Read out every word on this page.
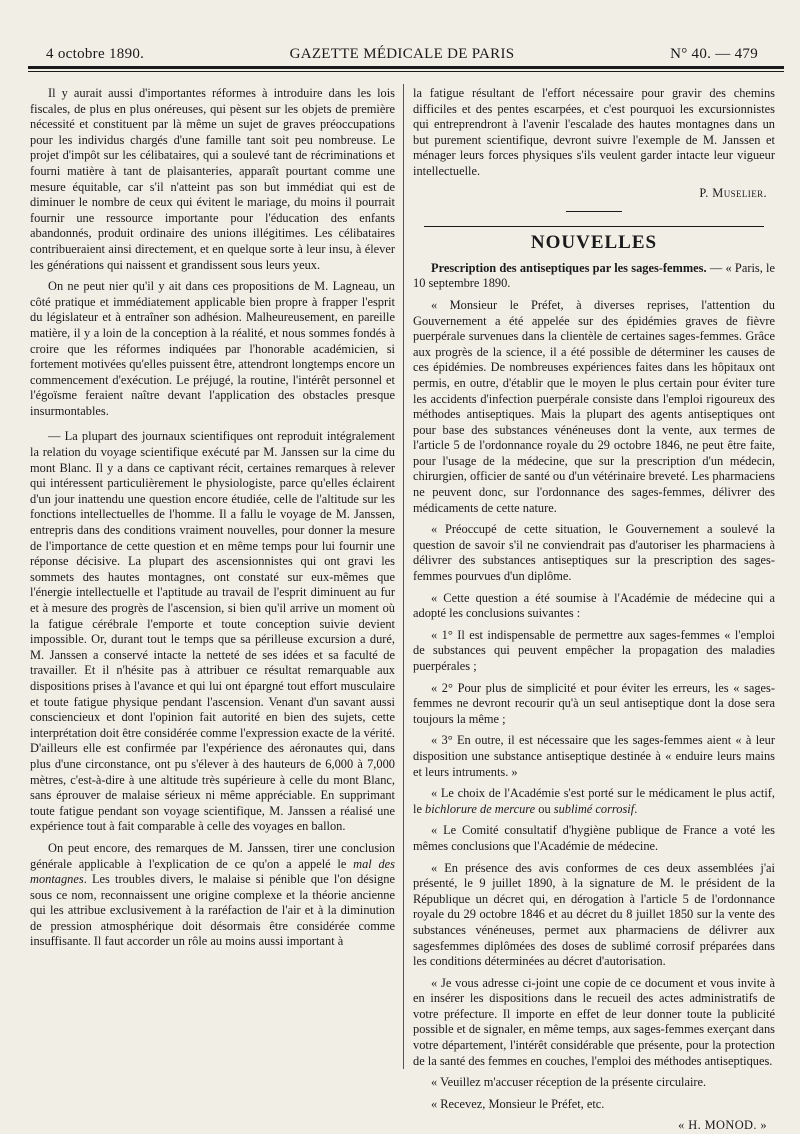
4 octobre 1890.	GAZETTE MÉDICALE DE PARIS	N° 40. — 479

Il y aurait aussi d'importantes réformes à introduire dans les lois fiscales, de plus en plus onéreuses, qui pèsent sur les objets de première nécessité et constituent par là même un sujet de graves préoccupations pour les individus chargés d'une famille tant soit peu nombreuse. Le projet d'impôt sur les célibataires, qui a soulevé tant de récriminations et fourni matière à tant de plaisanteries, apparaît pourtant comme une mesure équitable, car s'il n'atteint pas son but immédiat qui est de diminuer le nombre de ceux qui évitent le mariage, du moins il pourrait fournir une ressource importante pour l'éducation des enfants abandonnés, produit ordinaire des unions illégitimes. Les célibataires contribueraient ainsi directement, et en quelque sorte à leur insu, à élever les générations qui naissent et grandissent sous leurs yeux.

On ne peut nier qu'il y ait dans ces propositions de M. Lagneau, un côté pratique et immédiatement applicable bien propre à frapper l'esprit du législateur et à entraîner son adhésion. Malheureusement, en pareille matière, il y a loin de la conception à la réalité, et nous sommes fondés à croire que les réformes indiquées par l'honorable académicien, si fortement motivées qu'elles puissent être, attendront longtemps encore un commencement d'exécution. Le préjugé, la routine, l'intérêt personnel et l'égoïsme feraient naître devant l'application des obstacles presque insurmontables.

— La plupart des journaux scientifiques ont reproduit intégralement la relation du voyage scientifique exécuté par M. Janssen sur la cime du mont Blanc. Il y a dans ce captivant récit, certaines remarques à relever qui intéressent particulièrement le physiologiste, parce qu'elles éclairent d'un jour inattendu une question encore étudiée, celle de l'altitude sur les fonctions intellectuelles de l'homme. Il a fallu le voyage de M. Janssen, entrepris dans des conditions vraiment nouvelles, pour donner la mesure de l'importance de cette question et en même temps pour lui fournir une réponse décisive. La plupart des ascensionnistes qui ont gravi les sommets des hautes montagnes, ont constaté sur eux-mêmes que l'énergie intellectuelle et l'aptitude au travail de l'esprit diminuent au fur et à mesure des progrès de l'ascension, si bien qu'il arrive un moment où la fatigue cérébrale l'emporte et toute conception suivie devient impossible. Or, durant tout le temps que sa périlleuse excursion a duré, M. Janssen a conservé intacte la netteté de ses idées et sa faculté de travailler. Et il n'hésite pas à attribuer ce résultat remarquable aux dispositions prises à l'avance et qui lui ont épargné tout effort musculaire et toute fatigue physique pendant l'ascension. Venant d'un savant aussi consciencieux et dont l'opinion fait autorité en bien des sujets, cette interprétation doit être considérée comme l'expression exacte de la vérité. D'ailleurs elle est confirmée par l'expérience des aéronautes qui, dans plus d'une circonstance, ont pu s'élever à des hauteurs de 6,000 à 7,000 mètres, c'est-à-dire à une altitude très supérieure à celle du mont Blanc, sans éprouver de malaise sérieux ni même appréciable. En supprimant toute fatigue pendant son voyage scientifique, M. Janssen a réalisé une expérience tout à fait comparable à celle des voyages en ballon.

On peut encore, des remarques de M. Janssen, tirer une conclusion générale applicable à l'explication de ce qu'on a appelé le mal des montagnes. Les troubles divers, le malaise si pénible que l'on désigne sous ce nom, reconnaissent une origine complexe et la théorie ancienne qui les attribue exclusivement à la raréfaction de l'air et à la diminution de pression atmosphérique doit désormais être considérée comme insuffisante. Il faut accorder un rôle au moins aussi important à

la fatigue résultant de l'effort nécessaire pour gravir des chemins difficiles et des pentes escarpées, et c'est pourquoi les excursionnistes qui entreprendront à l'avenir l'escalade des hautes montagnes dans un but purement scientifique, devront suivre l'exemple de M. Janssen et ménager leurs forces physiques s'ils veulent garder intacte leur vigueur intellectuelle.

P. Muselier.
NOUVELLES

Prescription des antiseptiques par les sages-femmes. — « Paris, le 10 septembre 1890.

« Monsieur le Préfet, à diverses reprises, l'attention du Gouvernement a été appelée sur des épidémies graves de fièvre puerpérale survenues dans la clientèle de certaines sages-femmes. Grâce aux progrès de la science, il a été possible de déterminer les causes de ces épidémies. De nombreuses expériences faites dans les hôpitaux ont permis, en outre, d'établir que le moyen le plus certain pour éviter ture les accidents d'infection puerpérale consiste dans l'emploi rigoureux des méthodes antiseptiques. Mais la plupart des agents antiseptiques ont pour base des substances vénéneuses dont la vente, aux termes de l'article 5 de l'ordonnance royale du 29 octobre 1846, ne peut être faite, pour l'usage de la médecine, que sur la prescription d'un médecin, chirurgien, officier de santé ou d'un vétérinaire breveté. Les pharmaciens ne peuvent donc, sur l'ordonnance des sages-femmes, délivrer des médicaments de cette nature.

« Préoccupé de cette situation, le Gouvernement a soulevé la question de savoir s'il ne conviendrait pas d'autoriser les pharmaciens à délivrer des substances antiseptiques sur la prescription des sages-femmes pourvues d'un diplôme.

« Cette question a été soumise à l'Académie de médecine qui a adopté les conclusions suivantes :

« 1° Il est indispensable de permettre aux sages-femmes « l'emploi de substances qui peuvent empêcher la propagation des maladies puerpérales ;

« 2° Pour plus de simplicité et pour éviter les erreurs, les « sages-femmes ne devront recourir qu'à un seul antiseptique dont la dose sera toujours la même ;

« 3° En outre, il est nécessaire que les sages-femmes aient « à leur disposition une substance antiseptique destinée à « enduire leurs mains et leurs intruments. »

« Le choix de l'Académie s'est porté sur le médicament le plus actif, le bichlorure de mercure ou sublimé corrosif.

« Le Comité consultatif d'hygiène publique de France a voté les mêmes conclusions que l'Académie de médecine.

« En présence des avis conformes de ces deux assemblées j'ai présenté, le 9 juillet 1890, à la signature de M. le président de la République un décret qui, en dérogation à l'article 5 de l'ordonnance royale du 29 octobre 1846 et au décret du 8 juillet 1850 sur la vente des substances vénéneuses, permet aux pharmaciens de délivrer aux sagesfemmes diplômées des doses de sublimé corrosif préparées dans les conditions déterminées au décret d'autorisation.

« Je vous adresse ci-joint une copie de ce document et vous invite à en insérer les dispositions dans le recueil des actes administratifs de votre préfecture. Il importe en effet de leur donner toute la publicité possible et de signaler, en même temps, aux sages-femmes exerçant dans votre département, l'intérêt considérable que présente, pour la protection de la santé des femmes en couches, l'emploi des méthodes antiseptiques.

« Veuillez m'accuser réception de la présente circulaire.

« Recevez, Monsieur le Préfet, etc.

« H. MONOD. »
